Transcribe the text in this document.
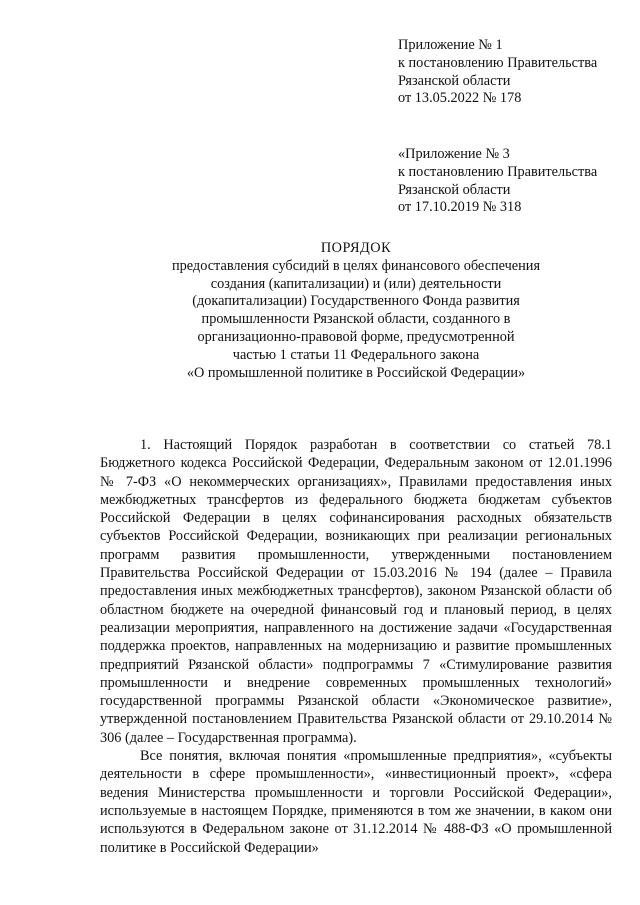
Приложение № 1
к постановлению Правительства
Рязанской области
от 13.05.2022 № 178
«Приложение № 3
к постановлению Правительства
Рязанской области
от 17.10.2019 № 318
ПОРЯДОК
предоставления субсидий в целях финансового обеспечения
создания (капитализации) и (или) деятельности
(докапитализации) Государственного Фонда развития
промышленности Рязанской области, созданного в
организационно-правовой форме, предусмотренной
частью 1 статьи 11 Федерального закона
«О промышленной политике в Российской Федерации»

1. Настоящий Порядок разработан в соответствии со статьей 78.1 Бюджетного кодекса Российской Федерации, Федеральным законом от 12.01.1996 № 7-ФЗ «О некоммерческих организациях», Правилами предоставления иных межбюджетных трансфертов из федерального бюджета бюджетам субъектов Российской Федерации в целях софинансирования расходных обязательств субъектов Российской Федерации, возникающих при реализации региональных программ развития промышленности, утвержденными постановлением Правительства Российской Федерации от 15.03.2016 № 194 (далее – Правила предоставления иных межбюджетных трансфертов), законом Рязанской области об областном бюджете на очередной финансовый год и плановый период, в целях реализации мероприятия, направленного на достижение задачи «Государственная поддержка проектов, направленных на модернизацию и развитие промышленных предприятий Рязанской области» подпрограммы 7 «Стимулирование развития промышленности и внедрение современных промышленных технологий» государственной программы Рязанской области «Экономическое развитие», утвержденной постановлением Правительства Рязанской области от 29.10.2014 № 306 (далее – Государственная программа).

Все понятия, включая понятия «промышленные предприятия», «субъекты деятельности в сфере промышленности», «инвестиционный проект», «сфера ведения Министерства промышленности и торговли Российской Федерации», используемые в настоящем Порядке, применяются в том же значении, в каком они используются в Федеральном законе от 31.12.2014 № 488-ФЗ «О промышленной политике в Российской Федерации»
